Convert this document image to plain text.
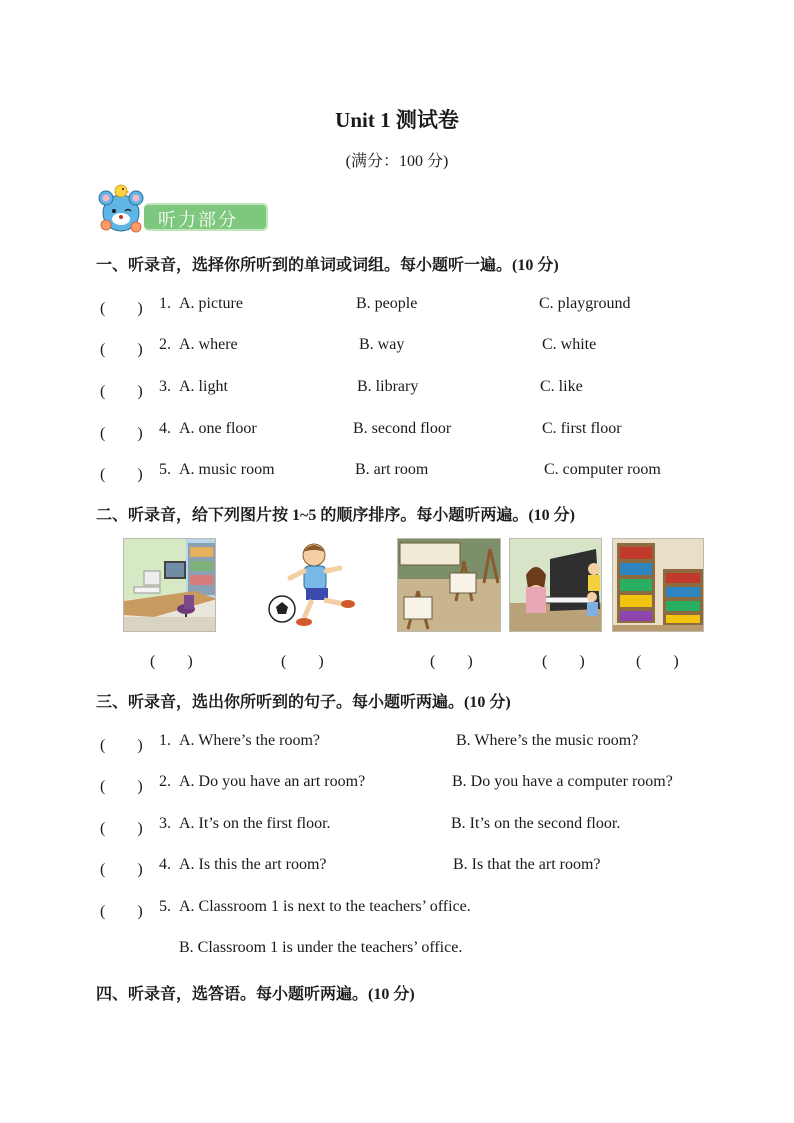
Unit 1 测试卷
(满分：100 分)
听力部分
一、听录音，选择你所听到的单词或词组。每小题听一遍。(10 分)
(　　) 1. A. picture	B. people	C. playground
(　　) 2. A. where	B. way	C. white
(　　) 3. A. light	B. library	C. like
(　　) 4. A. one floor	B. second floor	C. first floor
(　　) 5. A. music room	B. art room	C. computer room
二、听录音，给下列图片按 1~5 的顺序排序。每小题听两遍。(10 分)
(　　)	(　　)	(　　)	(　　)	(　　)
三、听录音，选出你所听到的句子。每小题听两遍。(10 分)
(　　) 1. A. Where’s the room?	B. Where’s the music room?
(　　) 2. A. Do you have an art room?	B. Do you have a computer room?
(　　) 3. A. It’s on the first floor.	B. It’s on the second floor.
(　　) 4. A. Is this the art room?	B. Is that the art room?
(　　) 5. A. Classroom 1 is next to the teachers’ office.
B. Classroom 1 is under the teachers’ office.
四、听录音，选答语。每小题听两遍。(10 分)
